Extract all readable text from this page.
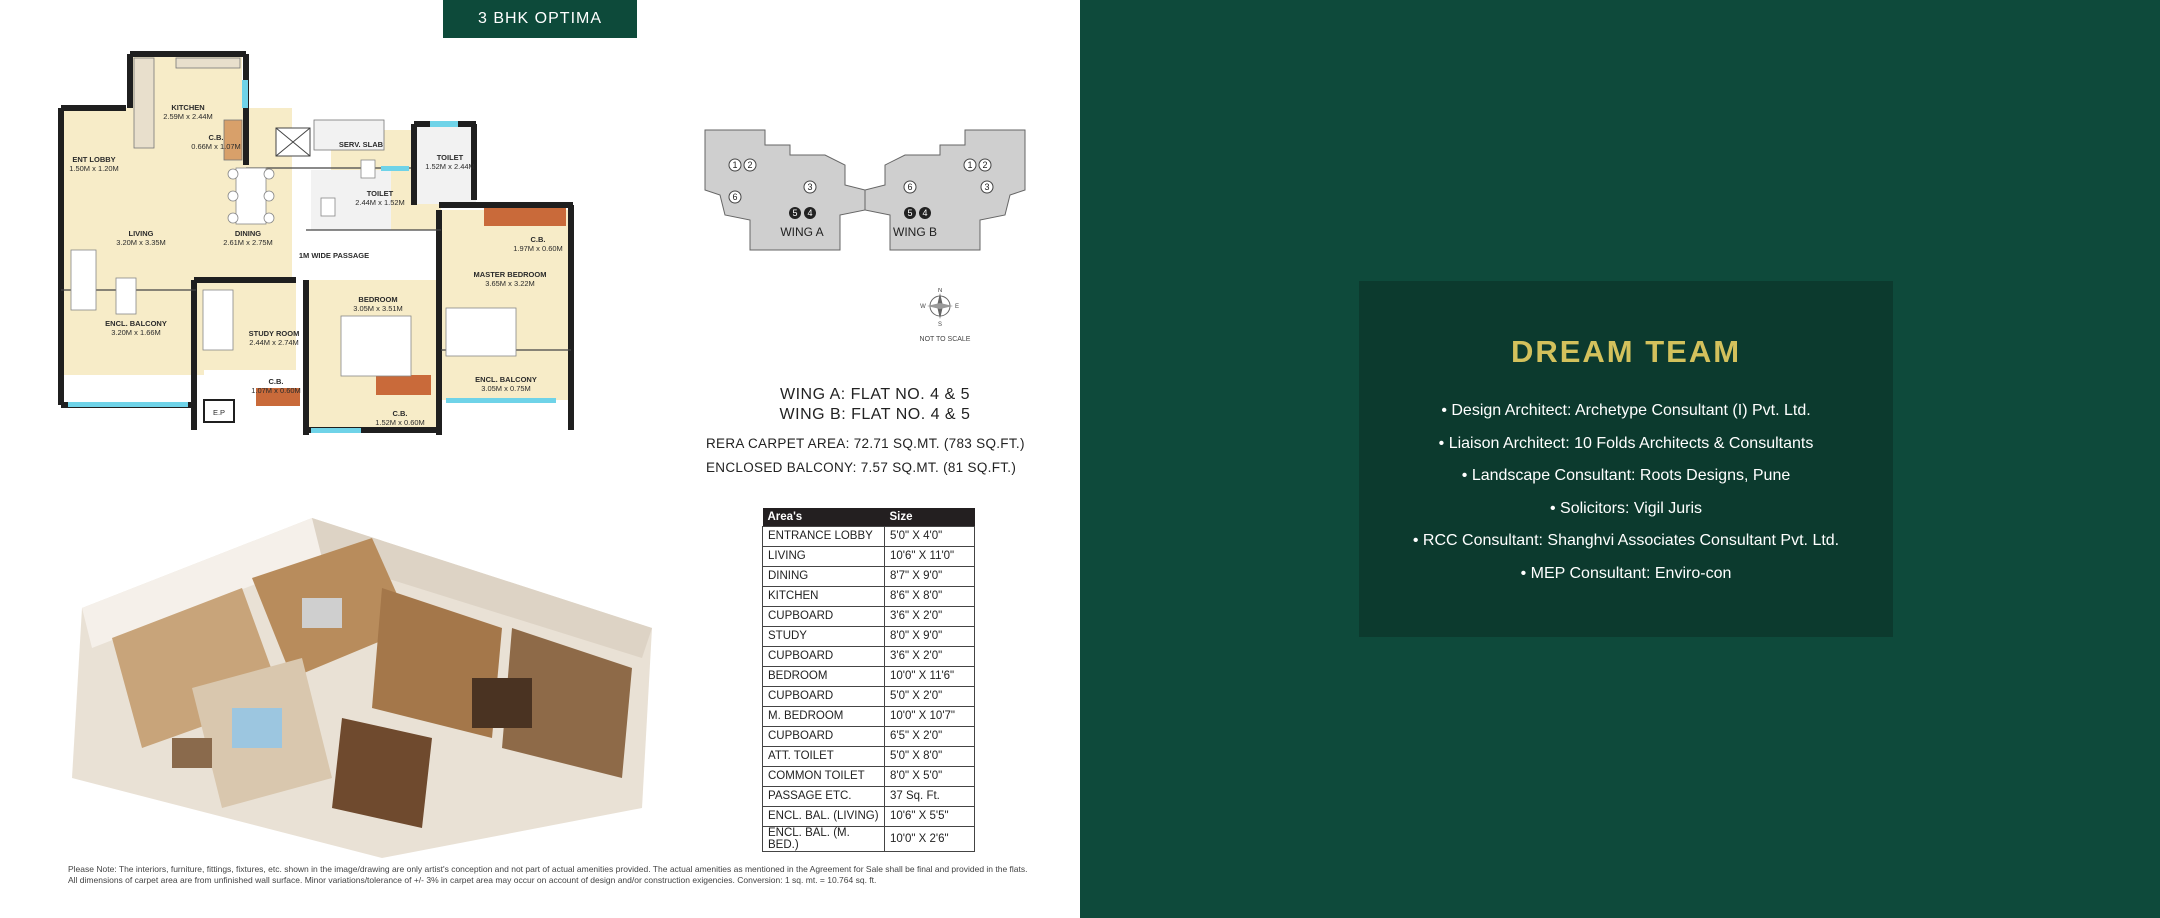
3 BHK OPTIMA
KITCHEN
2.59M x 2.44M
C.B.
0.66M x 1.07M
ENT LOBBY
1.50M x 1.20M
SERV. SLAB
TOILET
1.52M x 2.44M
TOILET
2.44M x 1.52M
LIVING
3.20M x 3.35M
DINING
2.61M x 2.75M
1M WIDE PASSAGE
C.B.
1.97M x 0.60M
MASTER BEDROOM
3.65M x 3.22M
BEDROOM
3.05M x 3.51M
STUDY ROOM
2.44M x 2.74M
ENCL. BALCONY
3.20M x 1.66M
ENCL. BALCONY
3.05M x 0.75M
C.B.
1.07M x 0.60M
C.B.
1.52M x 0.60M
E.P
1 2
3
6
5 4
1 2
6	3
5 4
WING A	WING B
N
S
E
W
NOT TO SCALE
WING A: FLAT NO. 4 & 5
WING B: FLAT NO. 4 & 5
RERA CARPET AREA: 72.71 SQ.MT. (783 SQ.FT.)
ENCLOSED BALCONY: 7.57 SQ.MT. (81 SQ.FT.)
Area's	Size
ENTRANCE LOBBY	5'0" X 4'0"
LIVING	10'6" X 11'0"
DINING	8'7" X 9'0"
KITCHEN	8'6" X 8'0"
CUPBOARD	3'6" X 2'0"
STUDY	8'0" X 9'0"
CUPBOARD	3'6" X 2'0"
BEDROOM	10'0" X 11'6"
CUPBOARD	5'0" X 2'0"
M. BEDROOM	10'0" X 10'7"
CUPBOARD	6'5" X 2'0"
ATT. TOILET	5'0" X 8'0"
COMMON TOILET	8'0" X 5'0"
PASSAGE ETC.	37 Sq. Ft.
ENCL. BAL. (LIVING)	10'6" X 5'5"
ENCL. BAL. (M. BED.)	10'0" X 2'6"
Please Note: The interiors, furniture, fittings, fixtures, etc. shown in the image/drawing are only artist's conception and not part of actual amenities provided. The actual amenities as mentioned in the Agreement for Sale shall be final and provided in the flats. All dimensions of carpet area are from unfinished wall surface. Minor variations/tolerance of +/- 3% in carpet area may occur on account of design and/or construction exigencies. Conversion: 1 sq. mt. = 10.764 sq. ft.
DREAM TEAM
• Design Architect: Archetype Consultant (I) Pvt. Ltd.
• Liaison Architect: 10 Folds Architects & Consultants
• Landscape Consultant: Roots Designs, Pune
• Solicitors: Vigil Juris
• RCC Consultant: Shanghvi Associates Consultant Pvt. Ltd.
• MEP Consultant: Enviro-con
